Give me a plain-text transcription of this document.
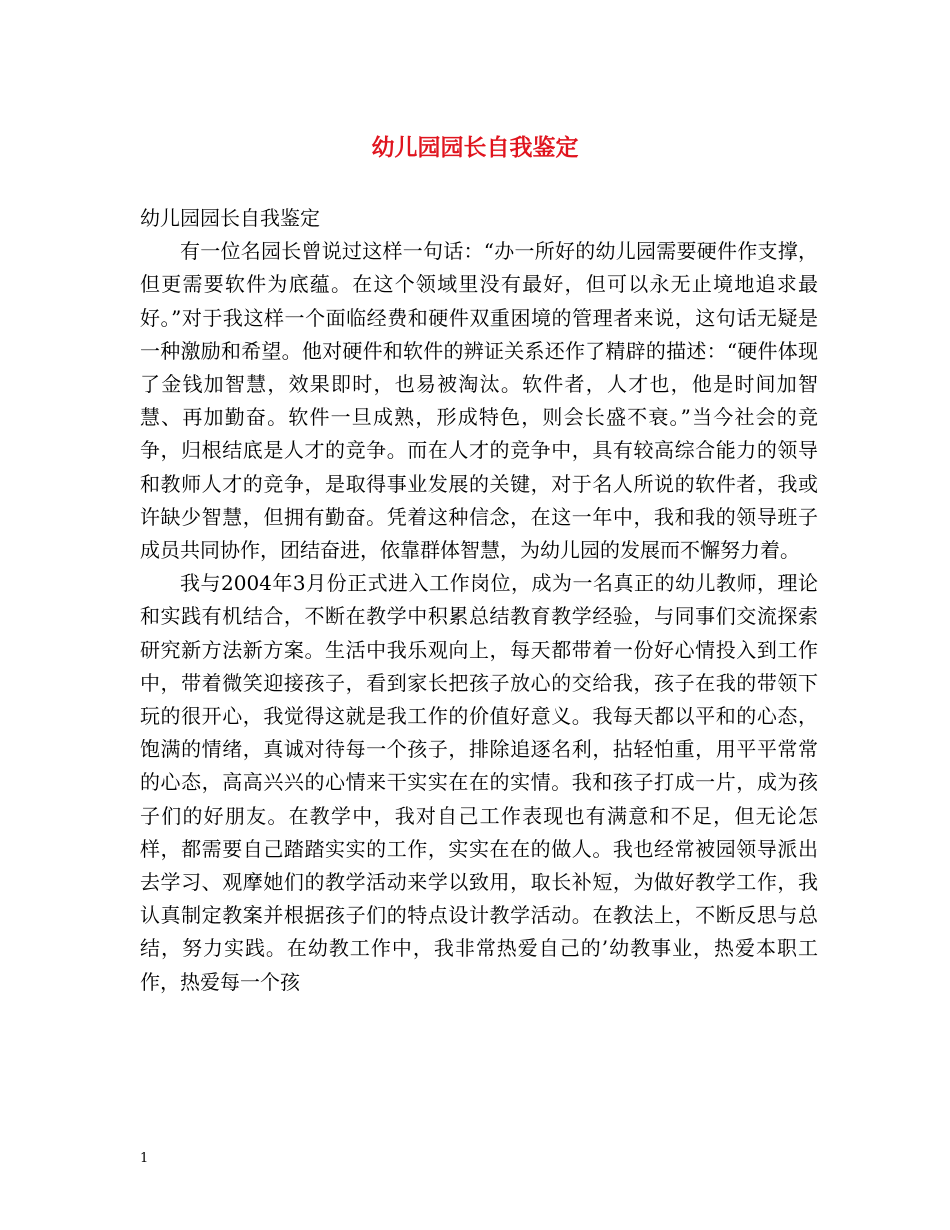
幼儿园园长自我鉴定

幼儿园园长自我鉴定

有一位名园长曾说过这样一句话：“办一所好的幼儿园需要硬件作支撑，但更需要软件为底蕴。在这个领域里没有最好，但可以永无止境地追求最好。”对于我这样一个面临经费和硬件双重困境的管理者来说，这句话无疑是一种激励和希望。他对硬件和软件的辨证关系还作了精辟的描述：“硬件体现了金钱加智慧，效果即时，也易被淘汰。软件者，人才也，他是时间加智慧、再加勤奋。软件一旦成熟，形成特色，则会长盛不衰。”当今社会的竞争，归根结底是人才的竞争。而在人才的竞争中，具有较高综合能力的领导和教师人才的竞争，是取得事业发展的关键，对于名人所说的软件者，我或许缺少智慧，但拥有勤奋。凭着这种信念，在这一年中，我和我的领导班子成员共同协作，团结奋进，依靠群体智慧，为幼儿园的发展而不懈努力着。

我与2004年3月份正式进入工作岗位，成为一名真正的幼儿教师，理论和实践有机结合，不断在教学中积累总结教育教学经验，与同事们交流探索研究新方法新方案。生活中我乐观向上，每天都带着一份好心情投入到工作中，带着微笑迎接孩子，看到家长把孩子放心的交给我，孩子在我的带领下玩的很开心，我觉得这就是我工作的价值好意义。我每天都以平和的心态，饱满的情绪，真诚对待每一个孩子，排除追逐名利，拈轻怕重，用平平常常的心态，高高兴兴的心情来干实实在在的实情。我和孩子打成一片，成为孩子们的好朋友。在教学中，我对自己工作表现也有满意和不足，但无论怎样，都需要自己踏踏实实的工作，实实在在的做人。我也经常被园领导派出去学习、观摩她们的教学活动来学以致用，取长补短，为做好教学工作，我认真制定教案并根据孩子们的特点设计教学活动。在教法上，不断反思与总结，努力实践。在幼教工作中，我非常热爱自己的’幼教事业，热爱本职工作，热爱每一个孩

1
